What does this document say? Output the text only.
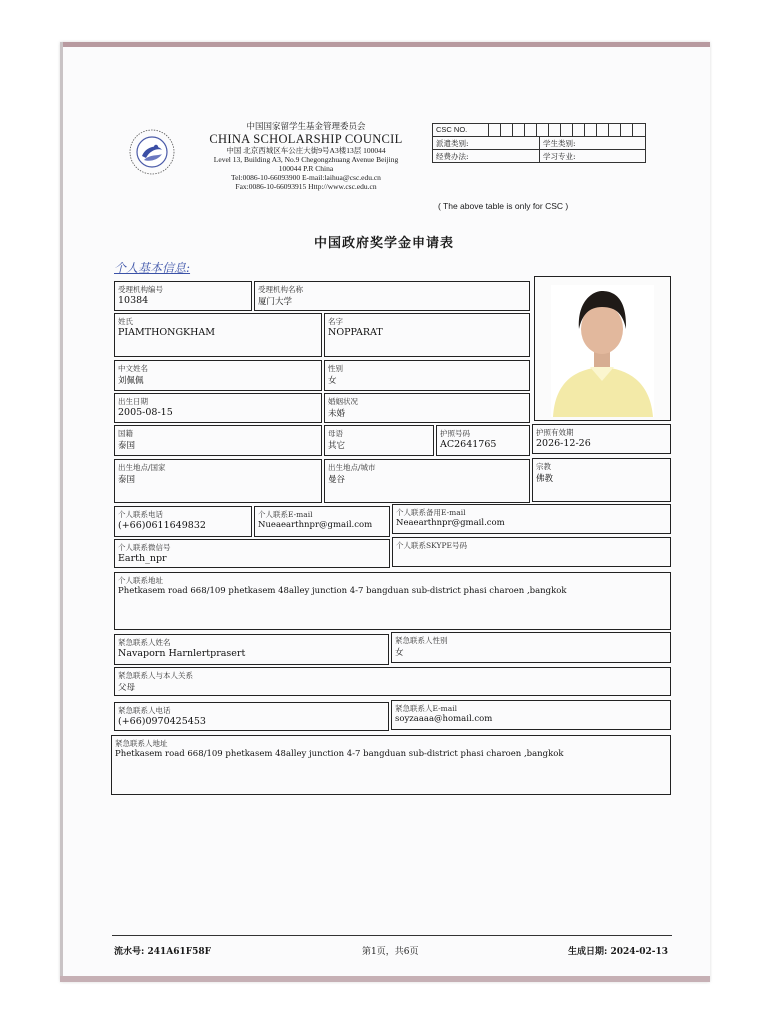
中国国家留学生基金管理委员会
CHINA SCHOLARSHIP COUNCIL
中国 北京西城区车公庄大街9号A3楼13层 100044
Level 13, Building A3, No.9 Chegongzhuang Avenue Beijing
100044 P.R China
Tel:0086-10-66093900 E-mail:laihua@csc.edu.cn
Fax:0086-10-66093915 Http://www.csc.edu.cn
CSC NO.
派遣类别:	学生类别:
经费办法:	学习专业:
( The above table is only for CSC )
中国政府奖学金申请表
个人基本信息:
受理机构编号
10384
受理机构名称
厦门大学
姓氏
PIAMTHONGKHAM
名字
NOPPARAT
中文姓名
刘佩佩
性别
女
出生日期
2005-08-15
婚姻状况
未婚
国籍
泰国
母语
其它
护照号码
AC2641765
护照有效期
2026-12-26
出生地点/国家
泰国
出生地点/城市
曼谷
宗教
佛教
个人联系电话
(+66)0611649832
个人联系E-mail
Nueaearthnpr@gmail.com
个人联系备用E-mail
Neaearthnpr@gmail.com
个人联系微信号
Earth_npr
个人联系SKYPE号码
个人联系地址
Phetkasem road 668/109 phetkasem 48alley junction 4-7 bangduan sub-district phasi charoen ,bangkok
紧急联系人姓名
Navaporn Harnlertprasert
紧急联系人性别
女
紧急联系人与本人关系
父母
紧急联系人电话
(+66)0970425453
紧急联系人E-mail
soyzaaaa@homail.com
紧急联系人地址
Phetkasem road 668/109 phetkasem 48alley junction 4-7 bangduan sub-district phasi charoen ,bangkok
流水号: 241A61F58F	第1页，共6页	生成日期: 2024-02-13
